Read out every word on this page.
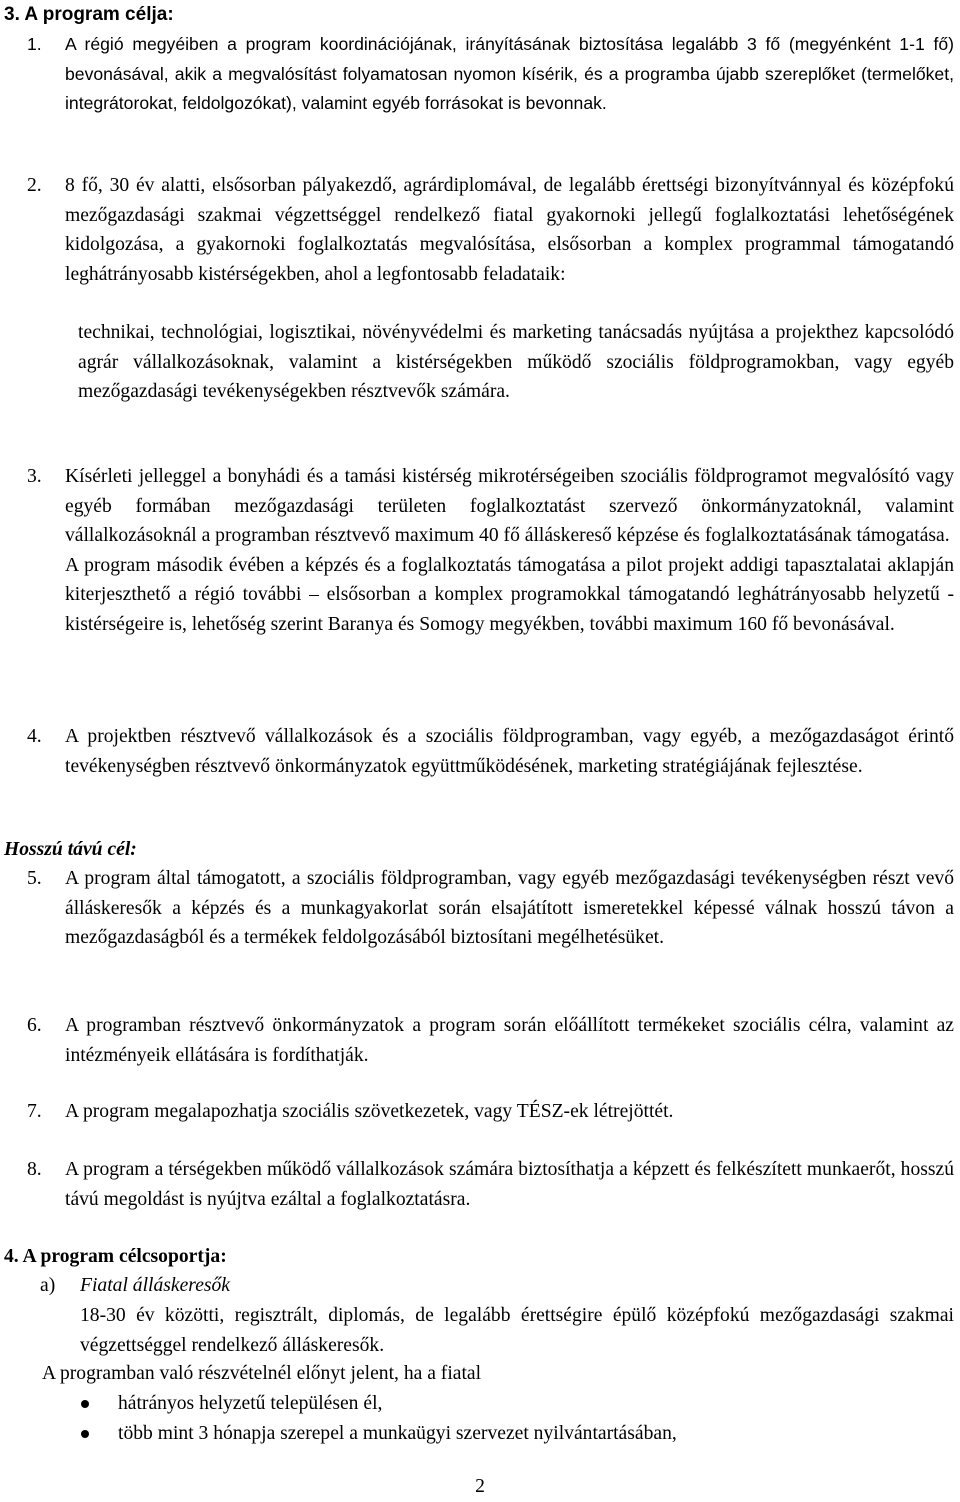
3. A program célja:
1. A régió megyéiben a program koordinációjának, irányításának biztosítása legalább 3 fő (megyénként 1-1 fő) bevonásával, akik a megvalósítást folyamatosan nyomon kísérik, és a programba újabb szereplőket (termelőket, integrátorokat, feldolgozókat), valamint egyéb forrásokat is bevonnak.
2. 8 fő, 30 év alatti, elsősorban pályakezdő, agrárdiplomával, de legalább érettségi bizonyítvánnyal és középfokú mezőgazdasági szakmai végzettséggel rendelkező fiatal gyakornoki jellegű foglalkoztatási lehetőségének kidolgozása, a gyakornoki foglalkoztatás megvalósítása, elsősorban a komplex programmal támogatandó leghátrányosabb kistérségekben, ahol a legfontosabb feladataik:
technikai, technológiai, logisztikai, növényvédelmi és marketing tanácsadás nyújtása a projekthez kapcsolódó agrár vállalkozásoknak, valamint a kistérségekben működő szociális földprogramokban, vagy egyéb mezőgazdasági tevékenységekben résztvevők számára.
3. Kísérleti jelleggel a bonyhádi és a tamási kistérség mikrotérségeiben szociális földprogramot megvalósító vagy egyéb formában mezőgazdasági területen foglalkoztatást szervező önkormányzatoknál, valamint vállalkozásoknál a programban résztvevő maximum 40 fő álláskereső képzése és foglalkoztatásának támogatása.
A program második évében a képzés és a foglalkoztatás támogatása a pilot projekt addigi tapasztalatai aklapján kiterjeszthető a régió további – elsősorban a komplex programokkal támogatandó leghátrányosabb helyzetű - kistérségeire is, lehetőség szerint Baranya és Somogy megyékben, további maximum 160 fő bevonásával.
4. A projektben résztvevő vállalkozások és a szociális földprogramban, vagy egyéb, a mezőgazdaságot érintő tevékenységben résztvevő önkormányzatok együttműködésének, marketing stratégiájának fejlesztése.
Hosszú távú cél:
5. A program által támogatott, a szociális földprogramban, vagy egyéb mezőgazdasági tevékenységben részt vevő álláskeresők a képzés és a munkagyakorlat során elsajátított ismeretekkel képessé válnak hosszú távon a mezőgazdaságból és a termékek feldolgozásából biztosítani megélhetésüket.
6. A programban résztvevő önkormányzatok a program során előállított termékeket szociális célra, valamint az intézményeik ellátására is fordíthatják.
7. A program megalapozhatja szociális szövetkezetek, vagy TÉSZ-ek létrejöttét.
8. A program a térségekben működő vállalkozások számára biztosíthatja a képzett és felkészített munkaerőt, hosszú távú megoldást is nyújtva ezáltal a foglalkoztatásra.
4. A program célcsoportja:
a) Fiatal álláskeresők
18-30 év közötti, regisztrált, diplomás, de legalább érettségire épülő középfokú mezőgazdasági szakmai végzettséggel rendelkező álláskeresők.
A programban való részvételnél előnyt jelent, ha a fiatal
hátrányos helyzetű településen él,
több mint 3 hónapja szerepel a munkaügyi szervezet nyilvántartásában,
2
